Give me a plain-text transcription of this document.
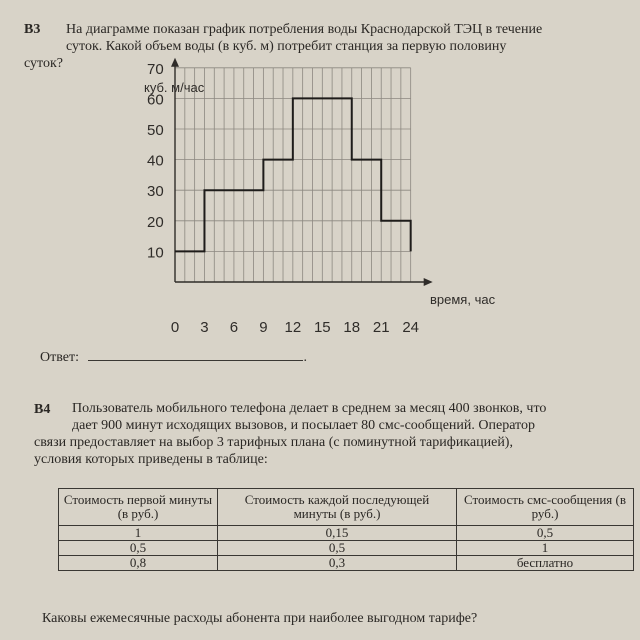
B3 На диаграмме показан график потребления воды Краснодарской ТЭЦ в течение
суток. Какой объем воды (в куб. м) потребит станция за первую половину
суток?
0 3 6 9 12 15 18 21 24
10
20
30
40
50
60
70
куб. м/час
время, час
Ответ:	.
B4 Пользователь мобильного телефона делает в среднем за месяц 400 звонков, что
дает 900 минут исходящих вызовов, и посылает 80 смс-сообщений. Оператор
связи предоставляет на выбор 3 тарифных плана (с поминутной тарификацией),
условия которых приведены в таблице:
Стоимость первой минуты (в руб.)	Стоимость каждой последующей минуты (в руб.)	Стоимость смс-сообщения (в руб.)
1	0,15	0,5
0,5	0,5	1
0,8	0,3	бесплатно
Каковы ежемесячные расходы абонента при наиболее выгодном тарифе?
